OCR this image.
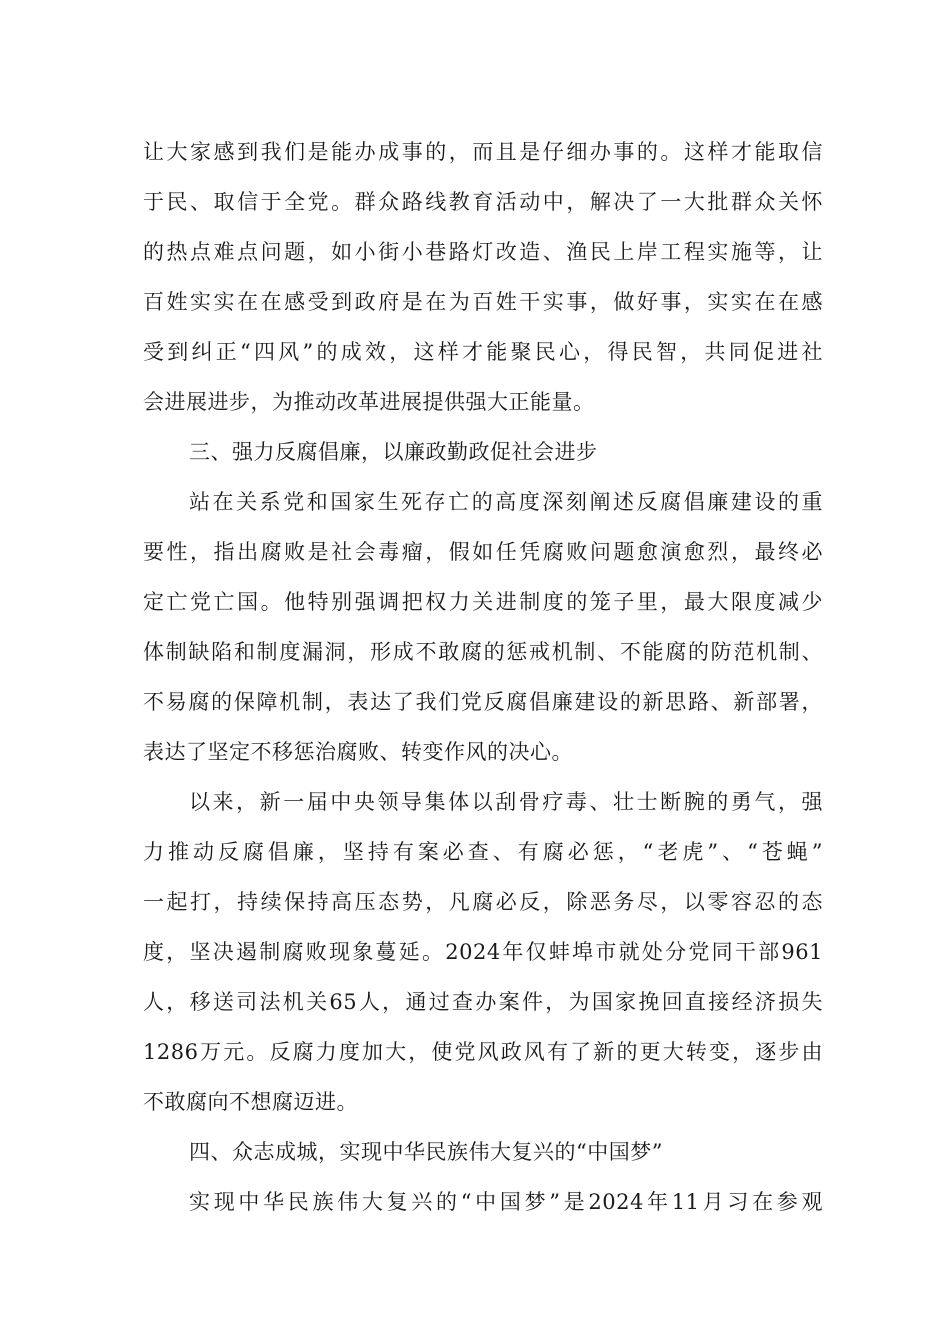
让大家感到我们是能办成事的，而且是仔细办事的。这样才能取信
于民、取信于全党。群众路线教育活动中，解决了一大批群众关怀
的热点难点问题，如小街小巷路灯改造、渔民上岸工程实施等，让
百姓实实在在感受到政府是在为百姓干实事，做好事，实实在在感
受到纠正“四风”的成效，这样才能聚民心，得民智，共同促进社
会进展进步，为推动改革进展提供强大正能量。
三、强力反腐倡廉，以廉政勤政促社会进步
站在关系党和国家生死存亡的高度深刻阐述反腐倡廉建设的重
要性，指出腐败是社会毒瘤，假如任凭腐败问题愈演愈烈，最终必
定亡党亡国。他特别强调把权力关进制度的笼子里，最大限度减少
体制缺陷和制度漏洞，形成不敢腐的惩戒机制、不能腐的防范机制、
不易腐的保障机制，表达了我们党反腐倡廉建设的新思路、新部署，
表达了坚定不移惩治腐败、转变作风的决心。
以来，新一届中央领导集体以刮骨疗毒、壮士断腕的勇气，强
力推动反腐倡廉，坚持有案必查、有腐必惩，“老虎”、“苍蝇”
一起打，持续保持高压态势，凡腐必反，除恶务尽，以零容忍的态
度，坚决遏制腐败现象蔓延。2024年仅蚌埠市就处分党同干部961
人，移送司法机关65人，通过查办案件，为国家挽回直接经济损失
1286万元。反腐力度加大，使党风政风有了新的更大转变，逐步由
不敢腐向不想腐迈进。
四、众志成城，实现中华民族伟大复兴的“中国梦”
实现中华民族伟大复兴的“中国梦”是2024年11月习在参观
